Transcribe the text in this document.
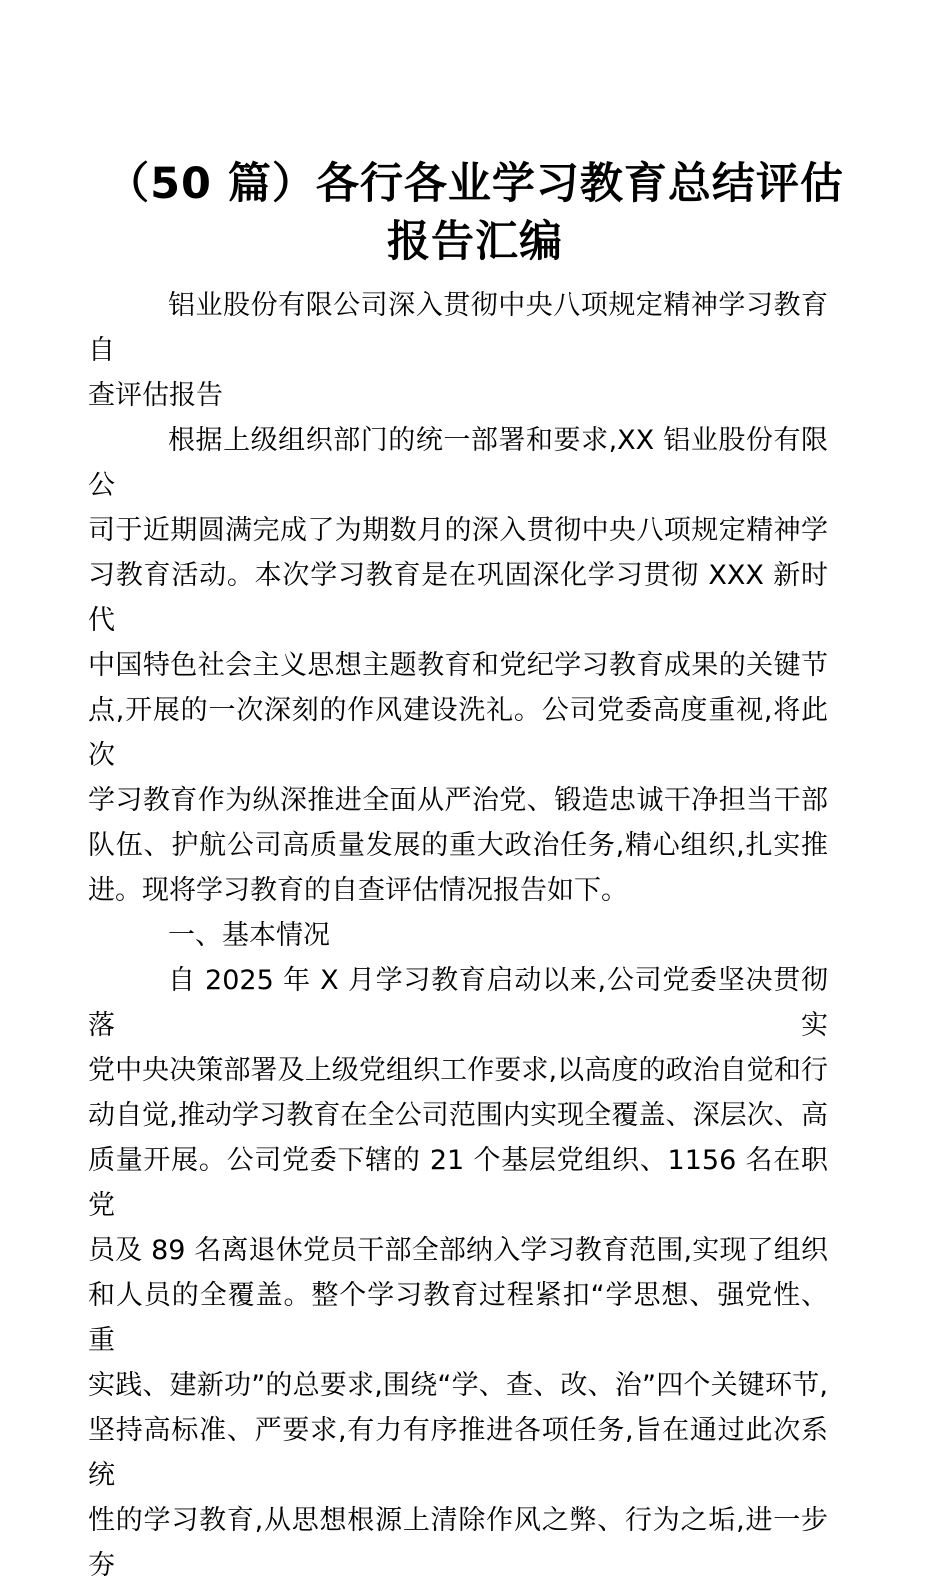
（50 篇）各行各业学习教育总结评估
报告汇编
铝业股份有限公司深入贯彻中央八项规定精神学习教育自
查评估报告
根据上级组织部门的统一部署和要求,XX 铝业股份有限公
司于近期圆满完成了为期数月的深入贯彻中央八项规定精神学
习教育活动。本次学习教育是在巩固深化学习贯彻 XXX 新时代
中国特色社会主义思想主题教育和党纪学习教育成果的关键节
点,开展的一次深刻的作风建设洗礼。公司党委高度重视,将此次
学习教育作为纵深推进全面从严治党、锻造忠诚干净担当干部
队伍、护航公司高质量发展的重大政治任务,精心组织,扎实推
进。现将学习教育的自查评估情况报告如下。
一、基本情况
自 2025 年 X 月学习教育启动以来,公司党委坚决贯彻落实
党中央决策部署及上级党组织工作要求,以高度的政治自觉和行
动自觉,推动学习教育在全公司范围内实现全覆盖、深层次、高
质量开展。公司党委下辖的 21 个基层党组织、1156 名在职党
员及 89 名离退休党员干部全部纳入学习教育范围,实现了组织
和人员的全覆盖。整个学习教育过程紧扣“学思想、强党性、重
实践、建新功”的总要求,围绕“学、查、改、治”四个关键环节,
坚持高标准、严要求,有力有序推进各项任务,旨在通过此次系统
性的学习教育,从思想根源上清除作风之弊、行为之垢,进一步夯
